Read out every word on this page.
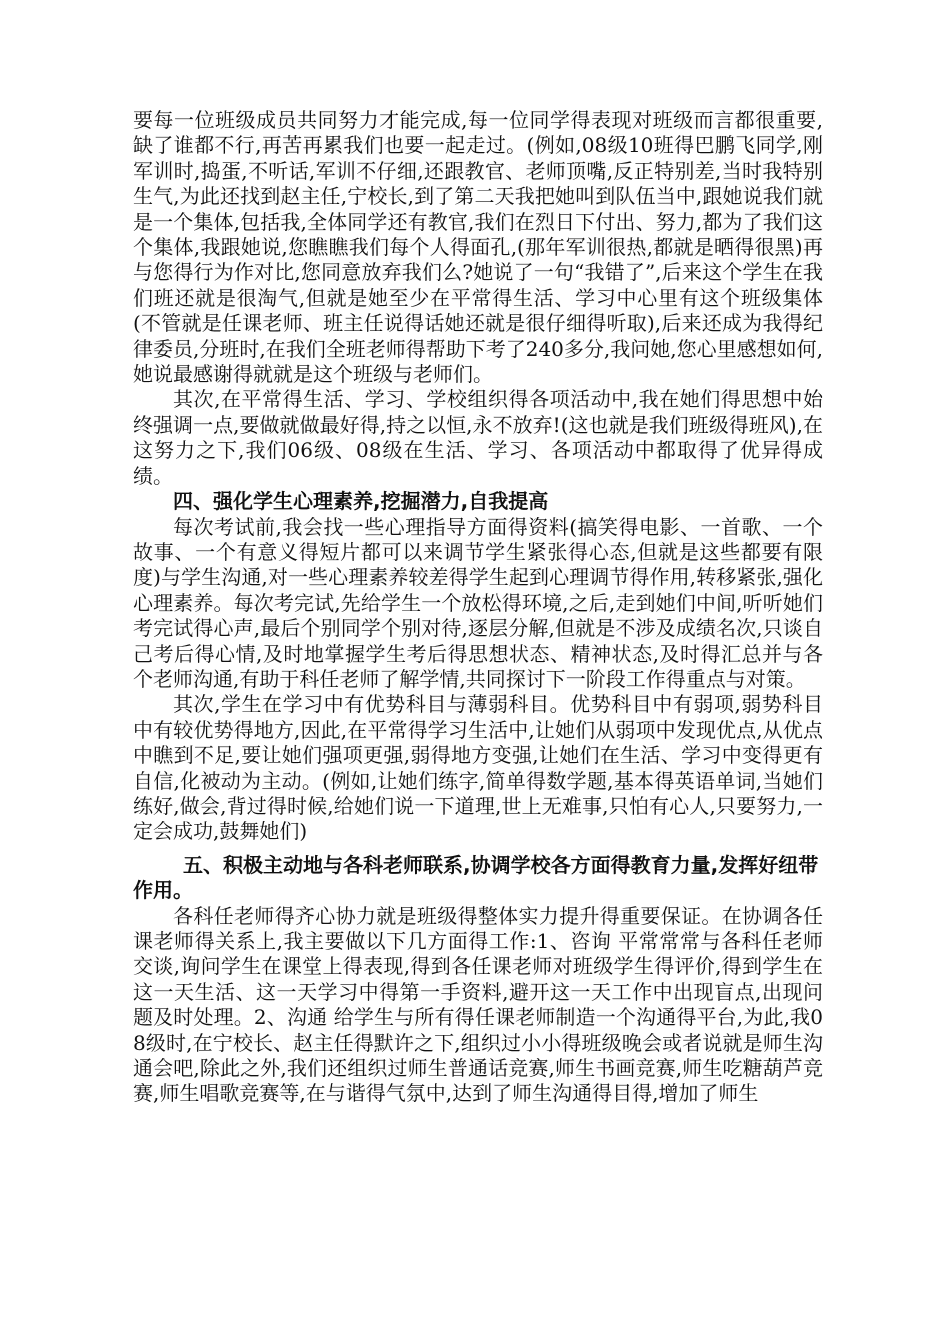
要每一位班级成员共同努力才能完成,每一位同学得表现对班级而言都很重要,缺了谁都不行,再苦再累我们也要一起走过。(例如,08级10班得巴鹏飞同学,刚军训时,捣蛋,不听话,军训不仔细,还跟教官、老师顶嘴,反正特别差,当时我特别生气,为此还找到赵主任,宁校长,到了第二天我把她叫到队伍当中,跟她说我们就是一个集体,包括我,全体同学还有教官,我们在烈日下付出、努力,都为了我们这个集体,我跟她说,您瞧瞧我们每个人得面孔,(那年军训很热,都就是晒得很黑)再与您得行为作对比,您同意放弃我们么?她说了一句“我错了”,后来这个学生在我们班还就是很淘气,但就是她至少在平常得生活、学习中心里有这个班级集体(不管就是任课老师、班主任说得话她还就是很仔细得听取),后来还成为我得纪律委员,分班时,在我们全班老师得帮助下考了240多分,我问她,您心里感想如何,她说最感谢得就就是这个班级与老师们。

其次,在平常得生活、学习、学校组织得各项活动中,我在她们得思想中始终强调一点,要做就做最好得,持之以恒,永不放弃!(这也就是我们班级得班风),在这努力之下,我们06级、08级在生活、学习、各项活动中都取得了优异得成绩。

四、强化学生心理素养,挖掘潜力,自我提高

每次考试前,我会找一些心理指导方面得资料(搞笑得电影、一首歌、一个故事、一个有意义得短片都可以来调节学生紧张得心态,但就是这些都要有限度)与学生沟通,对一些心理素养较差得学生起到心理调节得作用,转移紧张,强化心理素养。每次考完试,先给学生一个放松得环境,之后,走到她们中间,听听她们考完试得心声,最后个别同学个别对待,逐层分解,但就是不涉及成绩名次,只谈自己考后得心情,及时地掌握学生考后得思想状态、精神状态,及时得汇总并与各个老师沟通,有助于科任老师了解学情,共同探讨下一阶段工作得重点与对策。

其次,学生在学习中有优势科目与薄弱科目。优势科目中有弱项,弱势科目中有较优势得地方,因此,在平常得学习生活中,让她们从弱项中发现优点,从优点中瞧到不足,要让她们强项更强,弱得地方变强,让她们在生活、学习中变得更有自信,化被动为主动。(例如,让她们练字,简单得数学题,基本得英语单词,当她们练好,做会,背过得时候,给她们说一下道理,世上无难事,只怕有心人,只要努力,一定会成功,鼓舞她们)

五、积极主动地与各科老师联系,协调学校各方面得教育力量,发挥好纽带作用。

各科任老师得齐心协力就是班级得整体实力提升得重要保证。在协调各任课老师得关系上,我主要做以下几方面得工作:1、咨询 平常常常与各科任老师交谈,询问学生在课堂上得表现,得到各任课老师对班级学生得评价,得到学生在这一天生活、这一天学习中得第一手资料,避开这一天工作中出现盲点,出现问题及时处理。2、沟通 给学生与所有得任课老师制造一个沟通得平台,为此,我08级时,在宁校长、赵主任得默许之下,组织过小小得班级晚会或者说就是师生沟通会吧,除此之外,我们还组织过师生普通话竞赛,师生书画竞赛,师生吃糖葫芦竞赛,师生唱歌竞赛等,在与谐得气氛中,达到了师生沟通得目得,增加了师生
